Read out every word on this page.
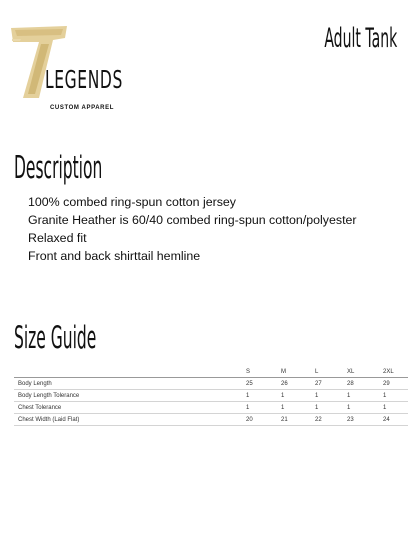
LEGENDS
CUSTOM APPAREL
Adult Tank
Description
100% combed ring-spun cotton jersey
Granite Heather is 60/40 combed ring-spun cotton/polyester
Relaxed fit
Front and back shirttail hemline
Size Guide
	S	M	L	XL	2XL
Body Length	25	26	27	28	29
Body Length Tolerance	1	1	1	1	1
Chest Tolerance	1	1	1	1	1
Chest Width (Laid Flat)	20	21	22	23	24
